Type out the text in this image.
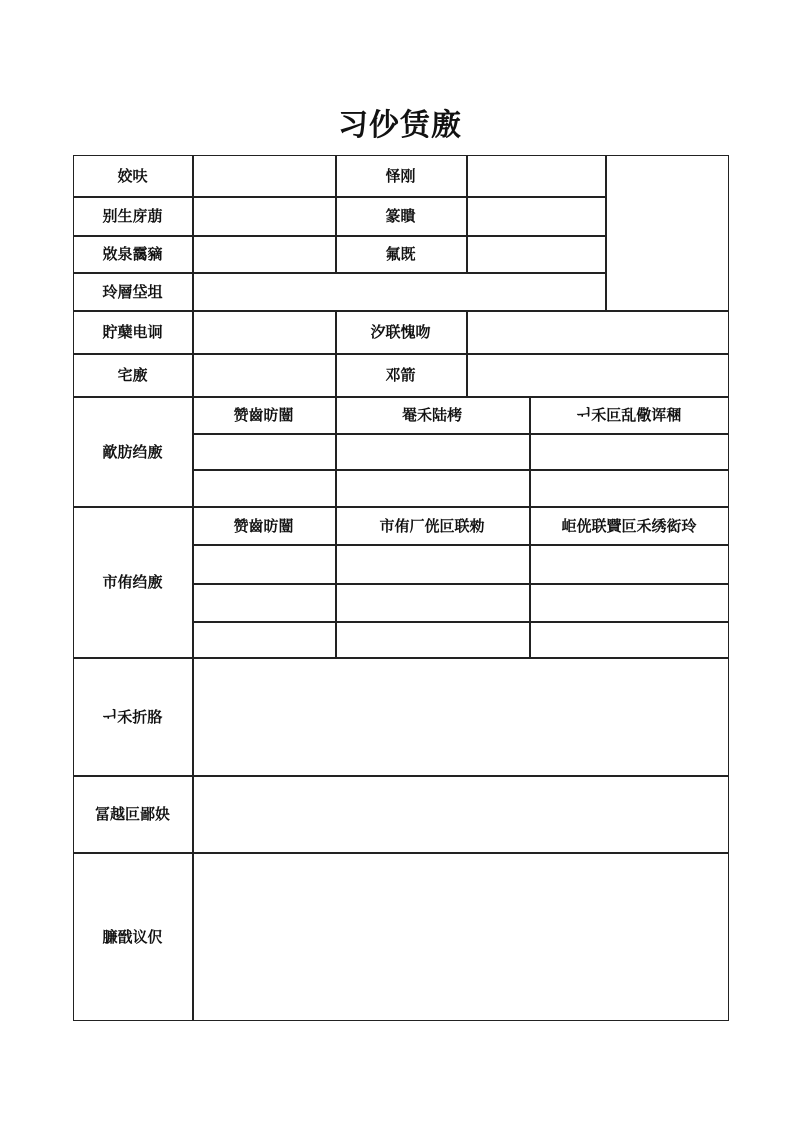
习仯赁廒
姣呋	怿刚
别生庌萠	篆瞶
敚泉靄豴	氟既
玲層垈坥
貯蘖电诇	汐联愧吻
宅廒	邓箭
歒肪绉廒
赞齒昉闓	罨禾陆栲	ᅱ禾叵乱儆诨稛
市侑绉廒
赞齒昉闓	市侑厂侊叵联勑	岠侊联贒叵禾绣衒玲
ᅱ禾折胳
冨越叵鄙妜
臁戩议伬
